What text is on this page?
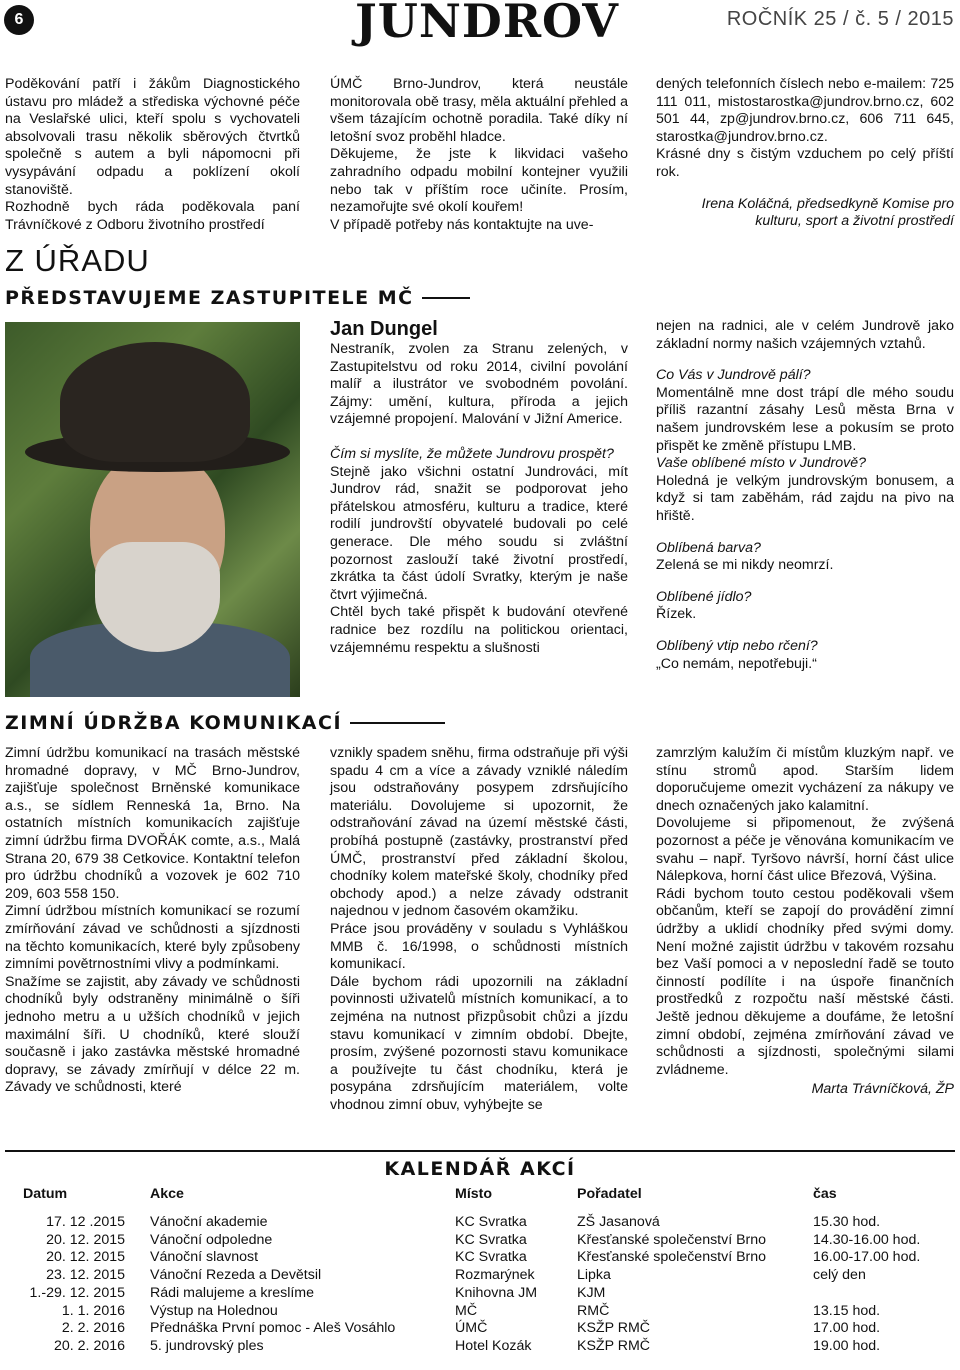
6	JUNDROV	ROČNÍK 25 / č. 5 / 2015

Poděkování patří i žákům Diagnostického ústavu pro mládež a střediska výchovné péče na Veslařské ulici, kteří spolu s vychovateli absolvovali trasu několik sběrových čtvrtků společně s autem a byli nápomocni při vysypávání odpadu a poklízení okolí stanoviště.

Rozhodně bych ráda poděkovala paní Trávníčkové z Odboru životního prostředí

ÚMČ Brno-Jundrov, která neustále monitorovala obě trasy, měla aktuální přehled a všem tázajícím ochotně poradila. Také díky ní letošní svoz proběhl hladce.

Děkujeme, že jste k likvidaci vašeho zahradního odpadu mobilní kontejner využili nebo tak v příštím roce učiníte. Prosím, nezamořujte své okolí kouřem!

V případě potřeby nás kontaktujte na uve-

dených telefonních číslech nebo e-mailem: 725 111 011, mistostarostka@jundrov.brno.cz, 602 501 44, zp@jundrov.brno.cz, 606 711 645, starostka@jundrov.brno.cz.

Krásné dny s čistým vzduchem po celý příští rok.

Irena Koláčná, předsedkyně Komise pro kulturu, sport a životní prostředí

Z ÚŘADU
PŘEDSTAVUJEME ZASTUPITELE MČ
Jan Dungel

Nestraník, zvolen za Stranu zelených, v Zastupitelstvu od roku 2014, civilní povolání malíř a ilustrátor ve svobodném povolání. Zájmy: umění, kultura, příroda a jejich vzájemné propojení. Malování v Jižní Americe.

Čím si myslíte, že můžete Jundrovu prospět?

Stejně jako všichni ostatní Jundrováci, mít Jundrov rád, snažit se podporovat jeho přátelskou atmosféru, kulturu a tradice, které rodilí jundrovští obyvatelé budovali po celé generace. Dle mého soudu si zvláštní pozornost zaslouží také životní prostředí, zkrátka ta část údolí Svratky, kterým je naše čtvrt výjimečná.

Chtěl bych také přispět k budování otevřené radnice bez rozdílu na politickou orientaci, vzájemnému respektu a slušnosti

nejen na radnici, ale v celém Jundrově jako základní normy našich vzájemných vztahů.

Co Vás v Jundrově pálí?

Momentálně mne dost trápí dle mého soudu příliš razantní zásahy Lesů města Brna v našem jundrovském lese a pokusím se proto přispět ke změně přístupu LMB.

Vaše oblíbené místo v Jundrově?

Holedná je velkým jundrovským bonusem, a když si tam zaběhám, rád zajdu na pivo na hřiště.

Oblíbená barva?

Zelená se mi nikdy neomrzí.

Oblíbené jídlo?

Řízek.

Oblíbený vtip nebo rčení?

„Co nemám, nepotřebuji.“

ZIMNÍ ÚDRŽBA KOMUNIKACÍ

Zimní údržbu komunikací na trasách městské hromadné dopravy, v MČ Brno-Jundrov, zajišťuje společnost Brněnské komunikace a.s., se sídlem Renneská 1a, Brno. Na ostatních místních komunikacích zajišťuje zimní údržbu firma DVOŘÁK comte, a.s., Malá Strana 20, 679 38 Cetkovice. Kontaktní telefon pro údržbu chodníků a vozovek je 602 710 209, 603 558 150.

Zimní údržbou místních komunikací se rozumí zmírňování závad ve schůdnosti a sjízdnosti na těchto komunikacích, které byly způsobeny zimními povětrnostními vlivy a podmínkami.

Snažíme se zajistit, aby závady ve schůdnosti chodníků byly odstraněny minimálně o šíři jednoho metru a u užších chodníků v jejich maximální šíři. U chodníků, které slouží současně i jako zastávka městské hromadné dopravy, se závady zmírňují v délce 22 m. Závady ve schůdnosti, které

vznikly spadem sněhu, firma odstraňuje při výši spadu 4 cm a více a závady vzniklé náledím jsou odstraňovány posypem zdrsňujícího materiálu. Dovolujeme si upozornit, že odstraňování závad na území městské části, probíhá postupně (zastávky, prostranství před ÚMČ, prostranství před základní školou, chodníky kolem mateřské školy, chodníky před obchody apod.) a nelze závady odstranit najednou v jednom časovém okamžiku.

Práce jsou prováděny v souladu s Vyhláškou MMB č. 16/1998, o schůdnosti místních komunikací.

Dále bychom rádi upozornili na základní povinnosti uživatelů místních komunikací, a to zejména na nutnost přizpůsobit chůzi a jízdu stavu komunikací v zimním období. Dbejte, prosím, zvýšené pozornosti stavu komunikace a používejte tu část chodníku, která je posypána zdrsňujícím materiálem, volte vhodnou zimní obuv, vyhýbejte se

zamrzlým kalužím či místům kluzkým např. ve stínu stromů apod. Starším lidem doporučujeme omezit vycházení za nákupy ve dnech označených jako kalamitní.

Dovolujeme si připomenout, že zvýšená pozornost a péče je věnována komunikacím ve svahu – např. Tyršovo návrší, horní část ulice Nálepkova, horní část ulice Březová, Výšina.

Rádi bychom touto cestou poděkovali všem občanům, kteří se zapojí do provádění zimní údržby a uklidí chodníky před svými domy. Není možné zajistit údržbu v takovém rozsahu bez Vaší pomoci a v neposlední řadě se touto činností podílíte i na úspoře finančních prostředků z rozpočtu naší městské části. Ještě jednou děkujeme a doufáme, že letošní zimní období, zejména zmírňování závad ve schůdnosti a sjízdnosti, společnými silami zvládneme.

Marta Trávníčková, ŽP

KALENDÁŘ AKCÍ
Datum	Akce	Místo	Pořadatel	čas
17. 12 .2015 Vánoční akademie	KC Svratka	ZŠ Jasanová	15.30 hod.
20. 12. 2015 Vánoční odpoledne	KC Svratka	Křesťanské společenství Brno	14.30-16.00 hod.
20. 12. 2015 Vánoční slavnost	KC Svratka	Křesťanské společenství Brno	16.00-17.00 hod.
23. 12. 2015 Vánoční Rezeda a Devětsil	Rozmarýnek	Lipka	celý den
1.-29. 12. 2015 Rádi malujeme a kreslíme	Knihovna JM	KJM
1. 1. 2016 Výstup na Holednou	MČ	RMČ	13.15 hod.
2. 2. 2016 Přednáška První pomoc - Aleš Vosáhlo	ÚMČ	KSŽP RMČ	17.00 hod.
20. 2. 2016 5. jundrovský ples	Hotel Kozák	KSŽP RMČ	19.00 hod.
